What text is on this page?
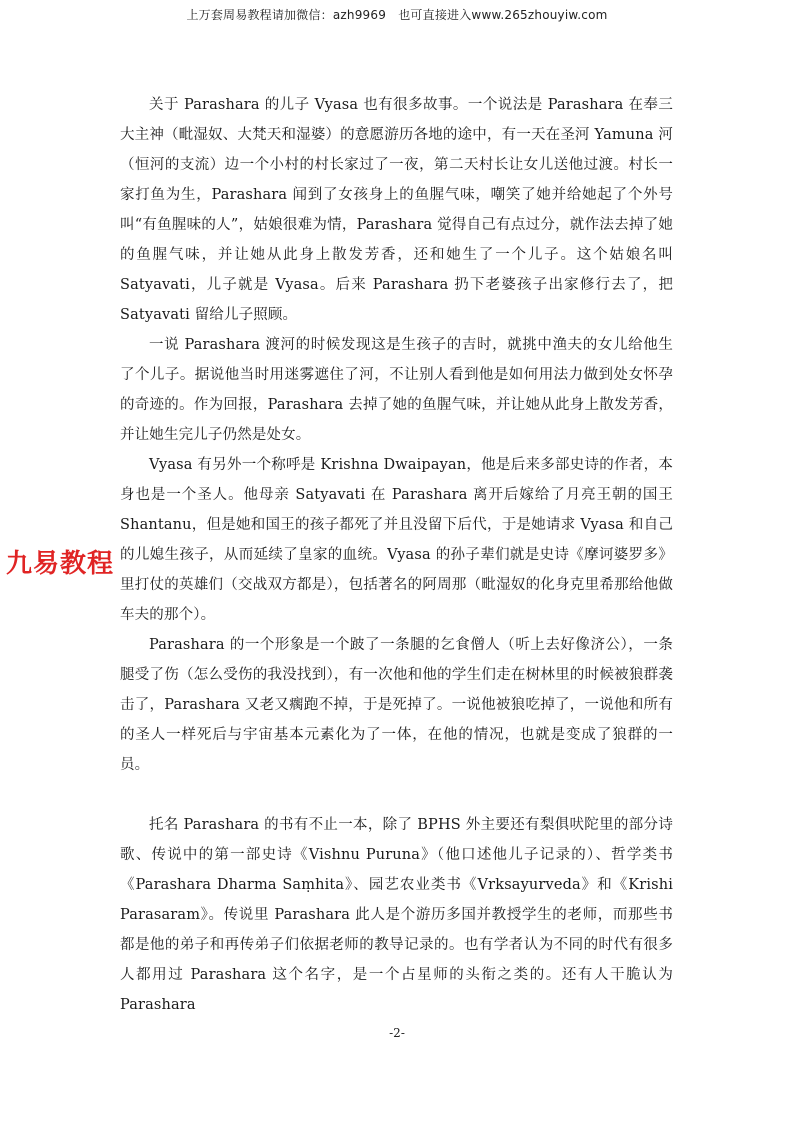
上万套周易教程请加微信：azh9969　也可直接进入www.265zhouyiw.com

关于 Parashara 的儿子 Vyasa 也有很多故事。一个说法是 Parashara 在奉三大主神（毗湿奴、大梵天和湿婆）的意愿游历各地的途中，有一天在圣河 Yamuna 河（恒河的支流）边一个小村的村长家过了一夜，第二天村长让女儿送他过渡。村长一家打鱼为生，Parashara 闻到了女孩身上的鱼腥气味，嘲笑了她并给她起了个外号叫“有鱼腥味的人”，姑娘很难为情，Parashara 觉得自己有点过分，就作法去掉了她的鱼腥气味，并让她从此身上散发芳香，还和她生了一个儿子。这个姑娘名叫 Satyavati，儿子就是 Vyasa。后来 Parashara 扔下老婆孩子出家修行去了，把 Satyavati 留给儿子照顾。

一说 Parashara 渡河的时候发现这是生孩子的吉时，就挑中渔夫的女儿给他生了个儿子。据说他当时用迷雾遮住了河，不让别人看到他是如何用法力做到处女怀孕的奇迹的。作为回报，Parashara 去掉了她的鱼腥气味，并让她从此身上散发芳香，并让她生完儿子仍然是处女。

Vyasa 有另外一个称呼是 Krishna Dwaipayan，他是后来多部史诗的作者，本身也是一个圣人。他母亲 Satyavati 在 Parashara 离开后嫁给了月亮王朝的国王 Shantanu，但是她和国王的孩子都死了并且没留下后代，于是她请求 Vyasa 和自己的儿媳生孩子，从而延续了皇家的血统。Vyasa 的孙子辈们就是史诗《摩诃婆罗多》里打仗的英雄们（交战双方都是），包括著名的阿周那（毗湿奴的化身克里希那给他做车夫的那个）。

Parashara 的一个形象是一个跛了一条腿的乞食僧人（听上去好像济公），一条腿受了伤（怎么受伤的我没找到），有一次他和他的学生们走在树林里的时候被狼群袭击了，Parashara 又老又瘸跑不掉，于是死掉了。一说他被狼吃掉了，一说他和所有的圣人一样死后与宇宙基本元素化为了一体，在他的情况，也就是变成了狼群的一员。

托名 Parashara 的书有不止一本，除了 BPHS 外主要还有梨俱吠陀里的部分诗歌、传说中的第一部史诗《Vishnu Puruna》（他口述他儿子记录的）、哲学类书《Parashara Dharma Saṃhita》、园艺农业类书《Vrksayurveda》和《Krishi Parasaram》。传说里 Parashara 此人是个游历多国并教授学生的老师，而那些书都是他的弟子和再传弟子们依据老师的教导记录的。也有学者认为不同的时代有很多人都用过 Parashara 这个名字，是一个占星师的头衔之类的。还有人干脆认为 Parashara

九易教程
-2-
